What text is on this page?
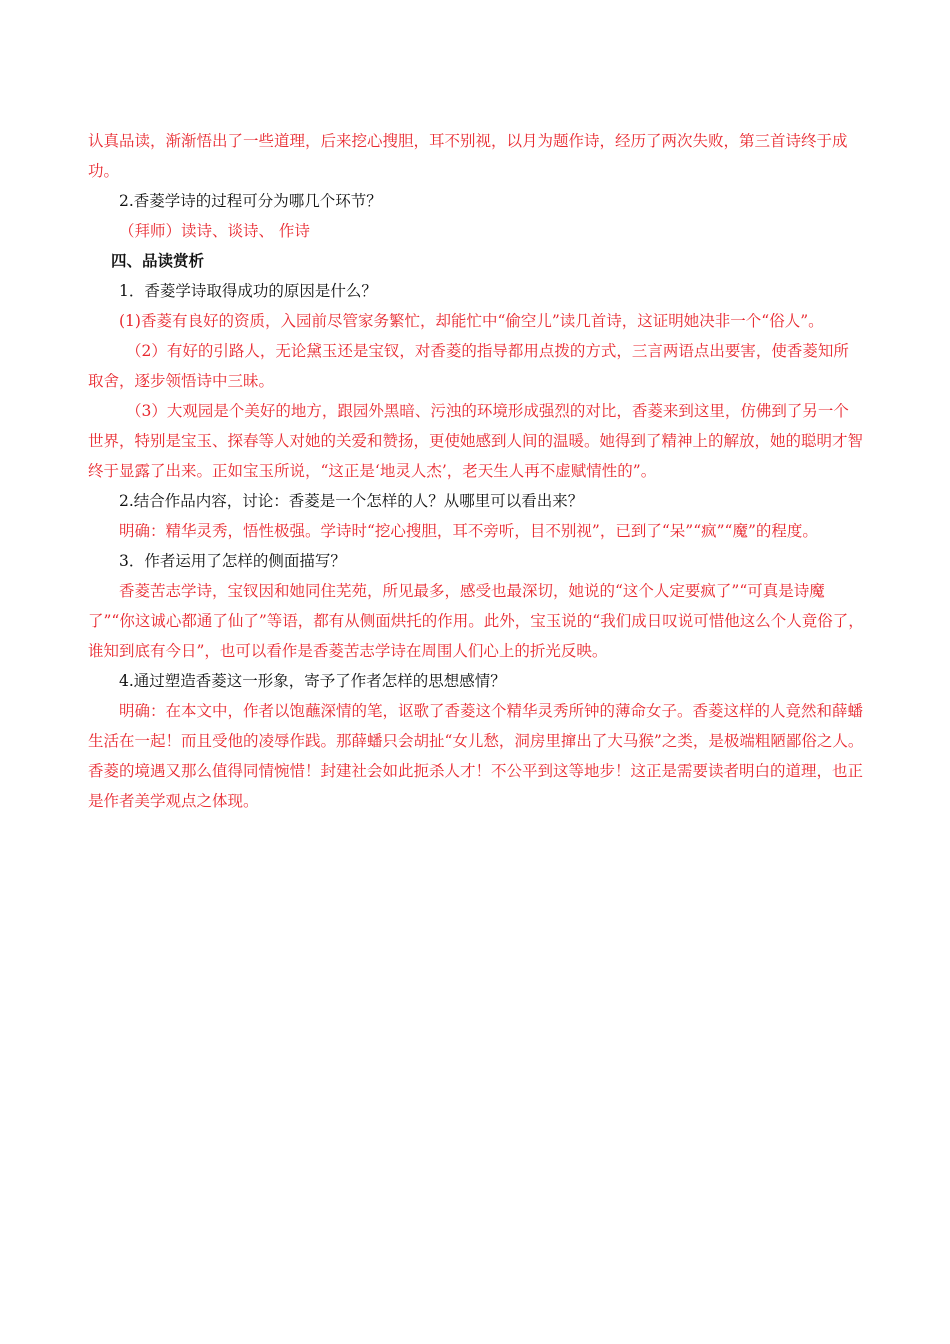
认真品读，渐渐悟出了一些道理，后来挖心搜胆，耳不别视，以月为题作诗，经历了两次失败，第三首诗终于成功。

2.香菱学诗的过程可分为哪几个环节？

（拜师）读诗、谈诗、 作诗

四、品读赏析

1．香菱学诗取得成功的原因是什么？

(1)香菱有良好的资质，入园前尽管家务繁忙，却能忙中“偷空儿”读几首诗，这证明她决非一个“俗人”。

（2）有好的引路人，无论黛玉还是宝钗，对香菱的指导都用点拨的方式，三言两语点出要害，使香菱知所取舍，逐步领悟诗中三昧。

（3）大观园是个美好的地方，跟园外黑暗、污浊的环境形成强烈的对比，香菱来到这里，仿佛到了另一个世界，特别是宝玉、探春等人对她的关爱和赞扬，更使她感到人间的温暖。她得到了精神上的解放，她的聪明才智终于显露了出来。正如宝玉所说，“这正是‘地灵人杰’，老天生人再不虚赋情性的”。

2.结合作品内容，讨论：香菱是一个怎样的人？从哪里可以看出来？

明确：精华灵秀，悟性极强。学诗时“挖心搜胆，耳不旁听，目不别视”，已到了“呆”“疯”“魔”的程度。

3．作者运用了怎样的侧面描写？

香菱苦志学诗，宝钗因和她同住芜苑，所见最多，感受也最深切，她说的“这个人定要疯了”“可真是诗魔了”“你这诚心都通了仙了”等语，都有从侧面烘托的作用。此外，宝玉说的“我们成日叹说可惜他这么个人竟俗了，谁知到底有今日”，也可以看作是香菱苦志学诗在周围人们心上的折光反映。

4.通过塑造香菱这一形象，寄予了作者怎样的思想感情？

明确：在本文中，作者以饱蘸深情的笔，讴歌了香菱这个精华灵秀所钟的薄命女子。香菱这样的人竟然和薛蟠生活在一起！而且受他的凌辱作践。那薛蟠只会胡扯“女儿愁，洞房里撺出了大马猴”之类，是极端粗陋鄙俗之人。香菱的境遇又那么值得同情惋惜！封建社会如此扼杀人才！不公平到这等地步！这正是需要读者明白的道理，也正是作者美学观点之体现。
